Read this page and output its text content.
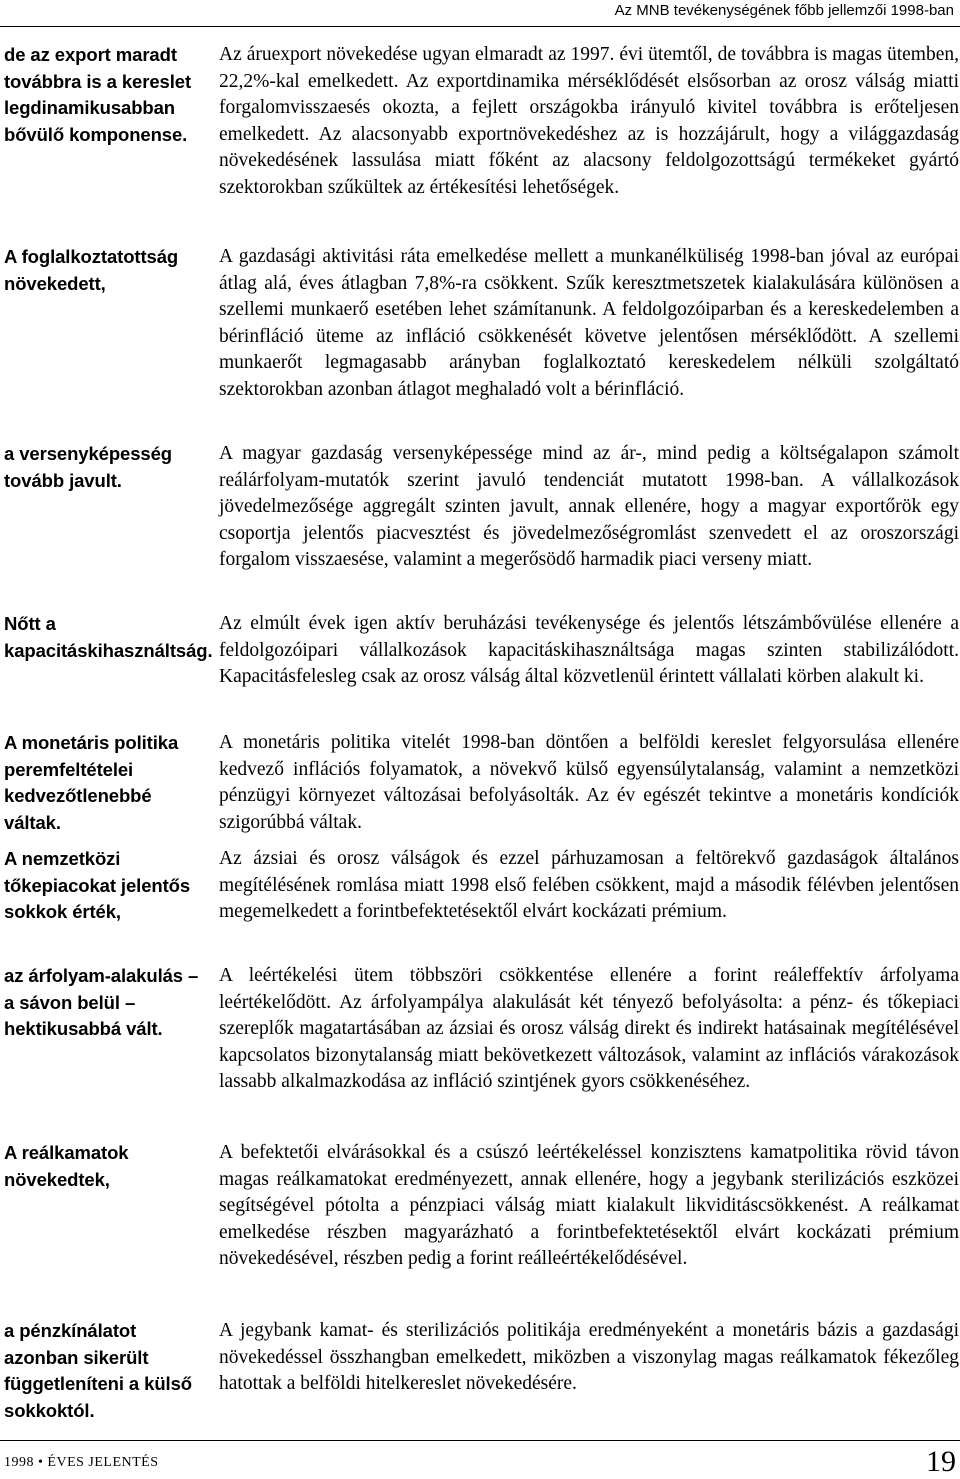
Az MNB tevékenységének főbb jellemzői 1998-ban
de az export maradt továbbra is a kereslet legdinamikusabban bővülő komponense.
Az áruexport növekedése ugyan elmaradt az 1997. évi ütemtől, de továbbra is magas ütemben, 22,2%-kal emelkedett. Az exportdinamika mérséklődését elsősorban az orosz válság miatti forgalomvisszaesés okozta, a fejlett országokba irányuló kivitel továbbra is erőteljesen emelkedett. Az alacsonyabb exportnövekedéshez az is hozzájárult, hogy a világgazdaság növekedésének lassulása miatt főként az alacsony feldolgozottságú termékeket gyártó szektorokban szűkültek az értékesítési lehetőségek.
A foglalkoztatottság növekedett,
A gazdasági aktivitási ráta emelkedése mellett a munkanélküliség 1998-ban jóval az európai átlag alá, éves átlagban 7,8%-ra csökkent. Szűk keresztmetszetek kialakulására különösen a szellemi munkaerő esetében lehet számítanunk. A feldolgozóiparban és a kereskedelemben a bérinfláció üteme az infláció csökkenését követve jelentősen mérséklődött. A szellemi munkaerőt legmagasabb arányban foglalkoztató kereskedelem nélküli szolgáltató szektorokban azonban átlagot meghaladó volt a bérinfláció.
a versenyképesség tovább javult.
A magyar gazdaság versenyképessége mind az ár-, mind pedig a költségalapon számolt reálárfolyam-mutatók szerint javuló tendenciát mutatott 1998-ban. A vállalkozások jövedelmezősége aggregált szinten javult, annak ellenére, hogy a magyar exportőrök egy csoportja jelentős piacvesztést és jövedelmezőségromlást szenvedett el az oroszországi forgalom visszaesése, valamint a megerősödő harmadik piaci verseny miatt.
Nőtt a kapacitáskihasználtság.
Az elmúlt évek igen aktív beruházási tevékenysége és jelentős létszámbővülése ellenére a feldolgozóipari vállalkozások kapacitáskihasználtsága magas szinten stabilizálódott. Kapacitásfelesleg csak az orosz válság által közvetlenül érintett vállalati körben alakult ki.
A monetáris politika peremfeltételei kedvezőtlenebbé váltak.
A monetáris politika vitelét 1998-ban döntően a belföldi kereslet felgyorsulása ellenére kedvező inflációs folyamatok, a növekvő külső egyensúlytalanság, valamint a nemzetközi pénzügyi környezet változásai befolyásolták. Az év egészét tekintve a monetáris kondíciók szigorúbbá váltak.
A nemzetközi tőkepiacokat jelentős sokkok érték,
Az ázsiai és orosz válságok és ezzel párhuzamosan a feltörekvő gazdaságok általános megítélésének romlása miatt 1998 első felében csökkent, majd a második félévben jelentősen megemelkedett a forintbefektetésektől elvárt kockázati prémium.
az árfolyam-alakulás – a sávon belül – hektikusabbá vált.
A leértékelési ütem többszöri csökkentése ellenére a forint reáleffektív árfolyama leértékelődött. Az árfolyampálya alakulását két tényező befolyásolta: a pénz- és tőkepiaci szereplők magatartásában az ázsiai és orosz válság direkt és indirekt hatásainak megítélésével kapcsolatos bizonytalanság miatt bekövetkezett változások, valamint az inflációs várakozások lassabb alkalmazkodása az infláció szintjének gyors csökkenéséhez.
A reálkamatok növekedtek,
A befektetői elvárásokkal és a csúszó leértékeléssel konzisztens kamatpolitika rövid távon magas reálkamatokat eredményezett, annak ellenére, hogy a jegybank sterilizációs eszközei segítségével pótolta a pénzpiaci válság miatt kialakult likviditáscsökkenést. A reálkamat emelkedése részben magyarázható a forintbefektetésektől elvárt kockázati prémium növekedésével, részben pedig a forint reálleértékelődésével.
a pénzkínálatot azonban sikerült függetleníteni a külső sokkoktól.
A jegybank kamat- és sterilizációs politikája eredményeként a monetáris bázis a gazdasági növekedéssel összhangban emelkedett, miközben a viszonylag magas reálkamatok fékezőleg hatottak a belföldi hitelkereslet növekedésére.
1998 • ÉVES JELENTÉS	19
